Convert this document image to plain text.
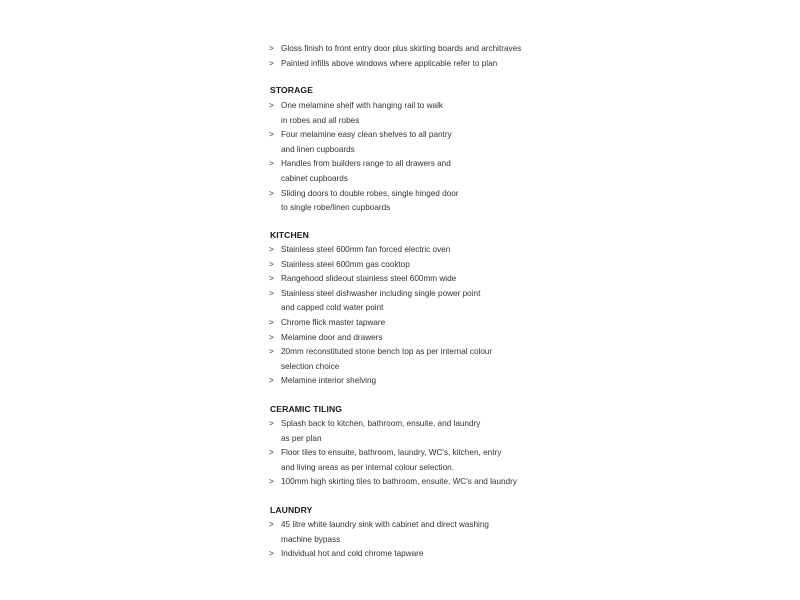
> Gloss finish to front entry door plus skirting boards and architraves
> Painted infills above windows where applicable refer to plan
STORAGE
> One melamine shelf with hanging rail to walk
in robes and all robes
> Four melamine easy clean shelves to all pantry
and linen cupboards
> Handles from builders range to all drawers and
cabinet cupboards
> Sliding doors to double robes, single hinged door
to single robe/linen cupboards
KITCHEN
> Stainless steel 600mm fan forced electric oven
> Stainless steel 600mm gas cooktop
> Rangehood slideout stainless steel 600mm wide
> Stainless steel dishwasher including single power point
and capped cold water point
> Chrome flick master tapware
> Melamine door and drawers
> 20mm reconstituted stone bench top as per internal colour
selection choice
> Melamine interior shelving
CERAMIC TILING
> Splash back to kitchen, bathroom, ensuite, and laundry
as per plan
> Floor tiles to ensuite, bathroom, laundry, WC's, kitchen, entry
and living areas as per internal colour selection.
> 100mm high skirting tiles to bathroom, ensuite, WC's and laundry
LAUNDRY
> 45 litre white laundry sink with cabinet and direct washing
machine bypass
> Individual hot and cold chrome tapware
